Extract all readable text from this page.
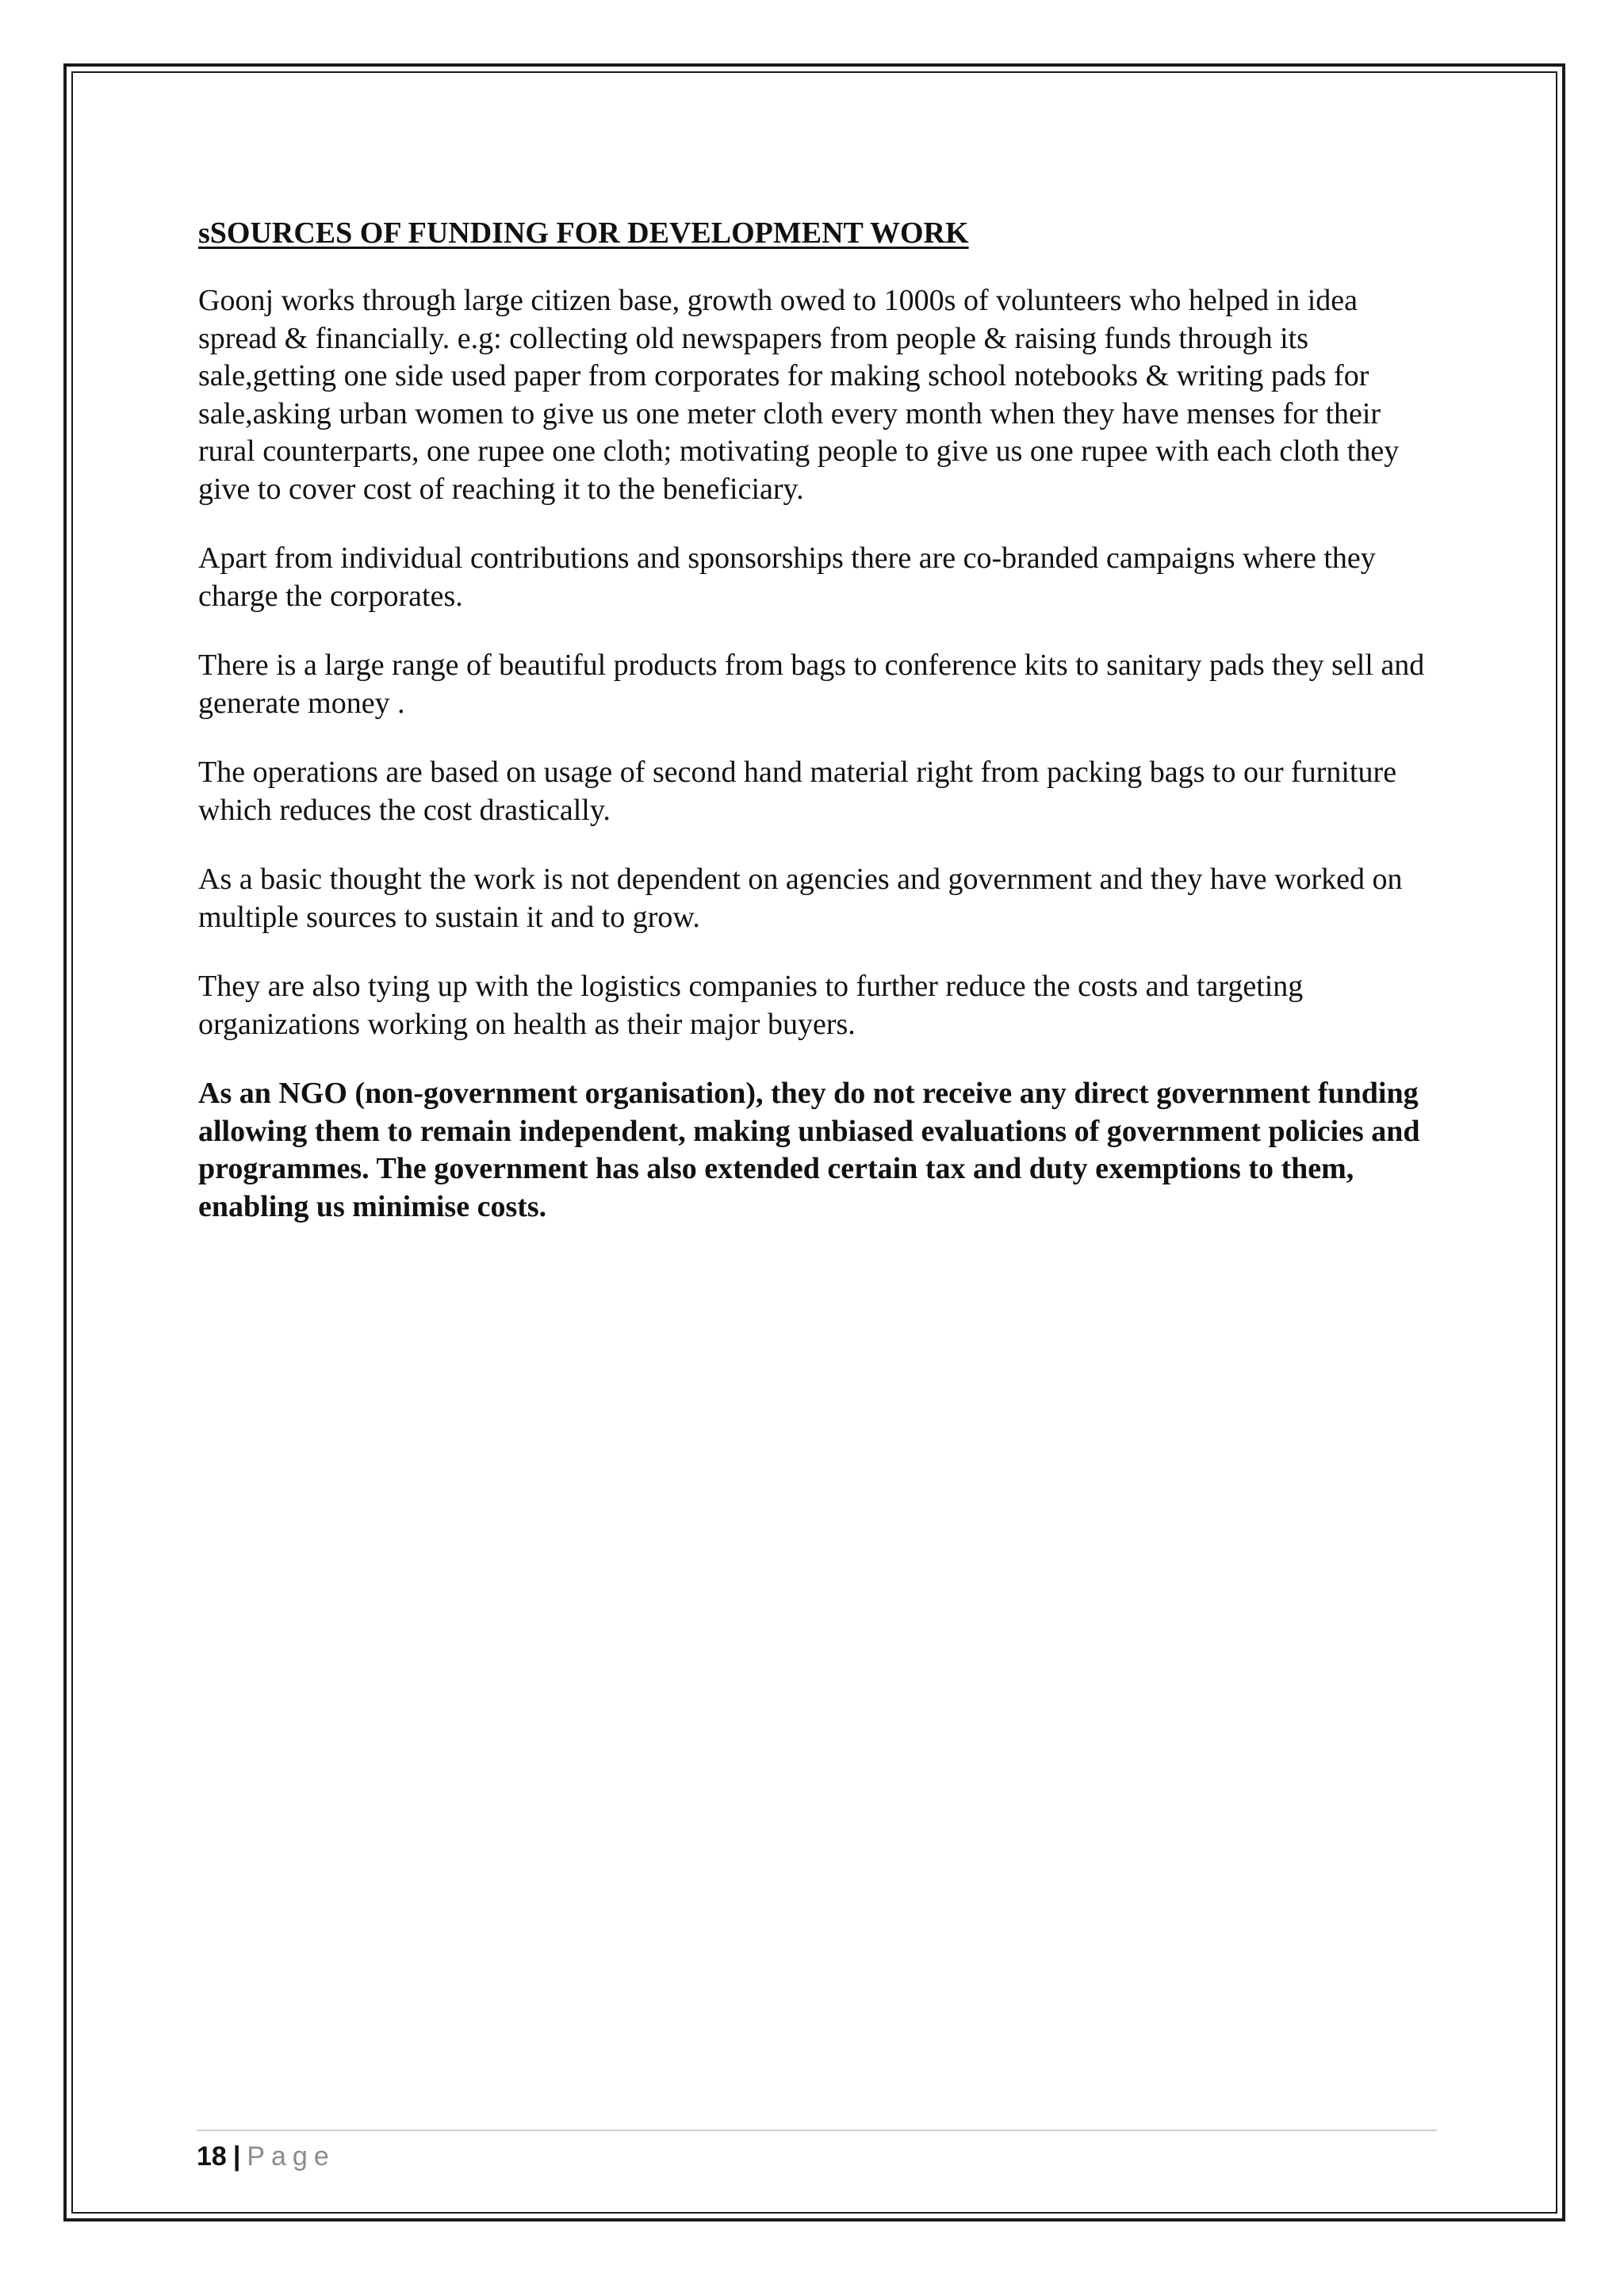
sSOURCES OF FUNDING FOR DEVELOPMENT WORK

Goonj works through large citizen base, growth owed to 1000s of volunteers who helped in idea spread & financially. e.g: collecting old newspapers from people & raising funds through its sale,getting one side used paper from corporates for making school notebooks & writing pads for sale,asking urban women to give us one meter cloth every month when they have menses for their rural counterparts, one rupee one cloth; motivating people to give us one rupee with each cloth they give to cover cost of reaching it to the beneficiary.

Apart from individual contributions and sponsorships there are co-branded campaigns where they charge the corporates.

There is a large range of beautiful products from bags to conference kits to sanitary pads they sell and generate money .

The operations are based on usage of second hand material right from packing bags to our furniture which reduces the cost drastically.

As a basic thought the work is not dependent on agencies and government and they have worked on multiple sources to sustain it and to grow.

They are also tying up with the logistics companies to further reduce the costs and targeting organizations working on health as their major buyers.

As an NGO (non-government organisation), they do not receive any direct government funding allowing them to remain independent, making unbiased evaluations of government policies and programmes. The government has also extended certain tax and duty exemptions to them, enabling us minimise costs.

18 | Page
